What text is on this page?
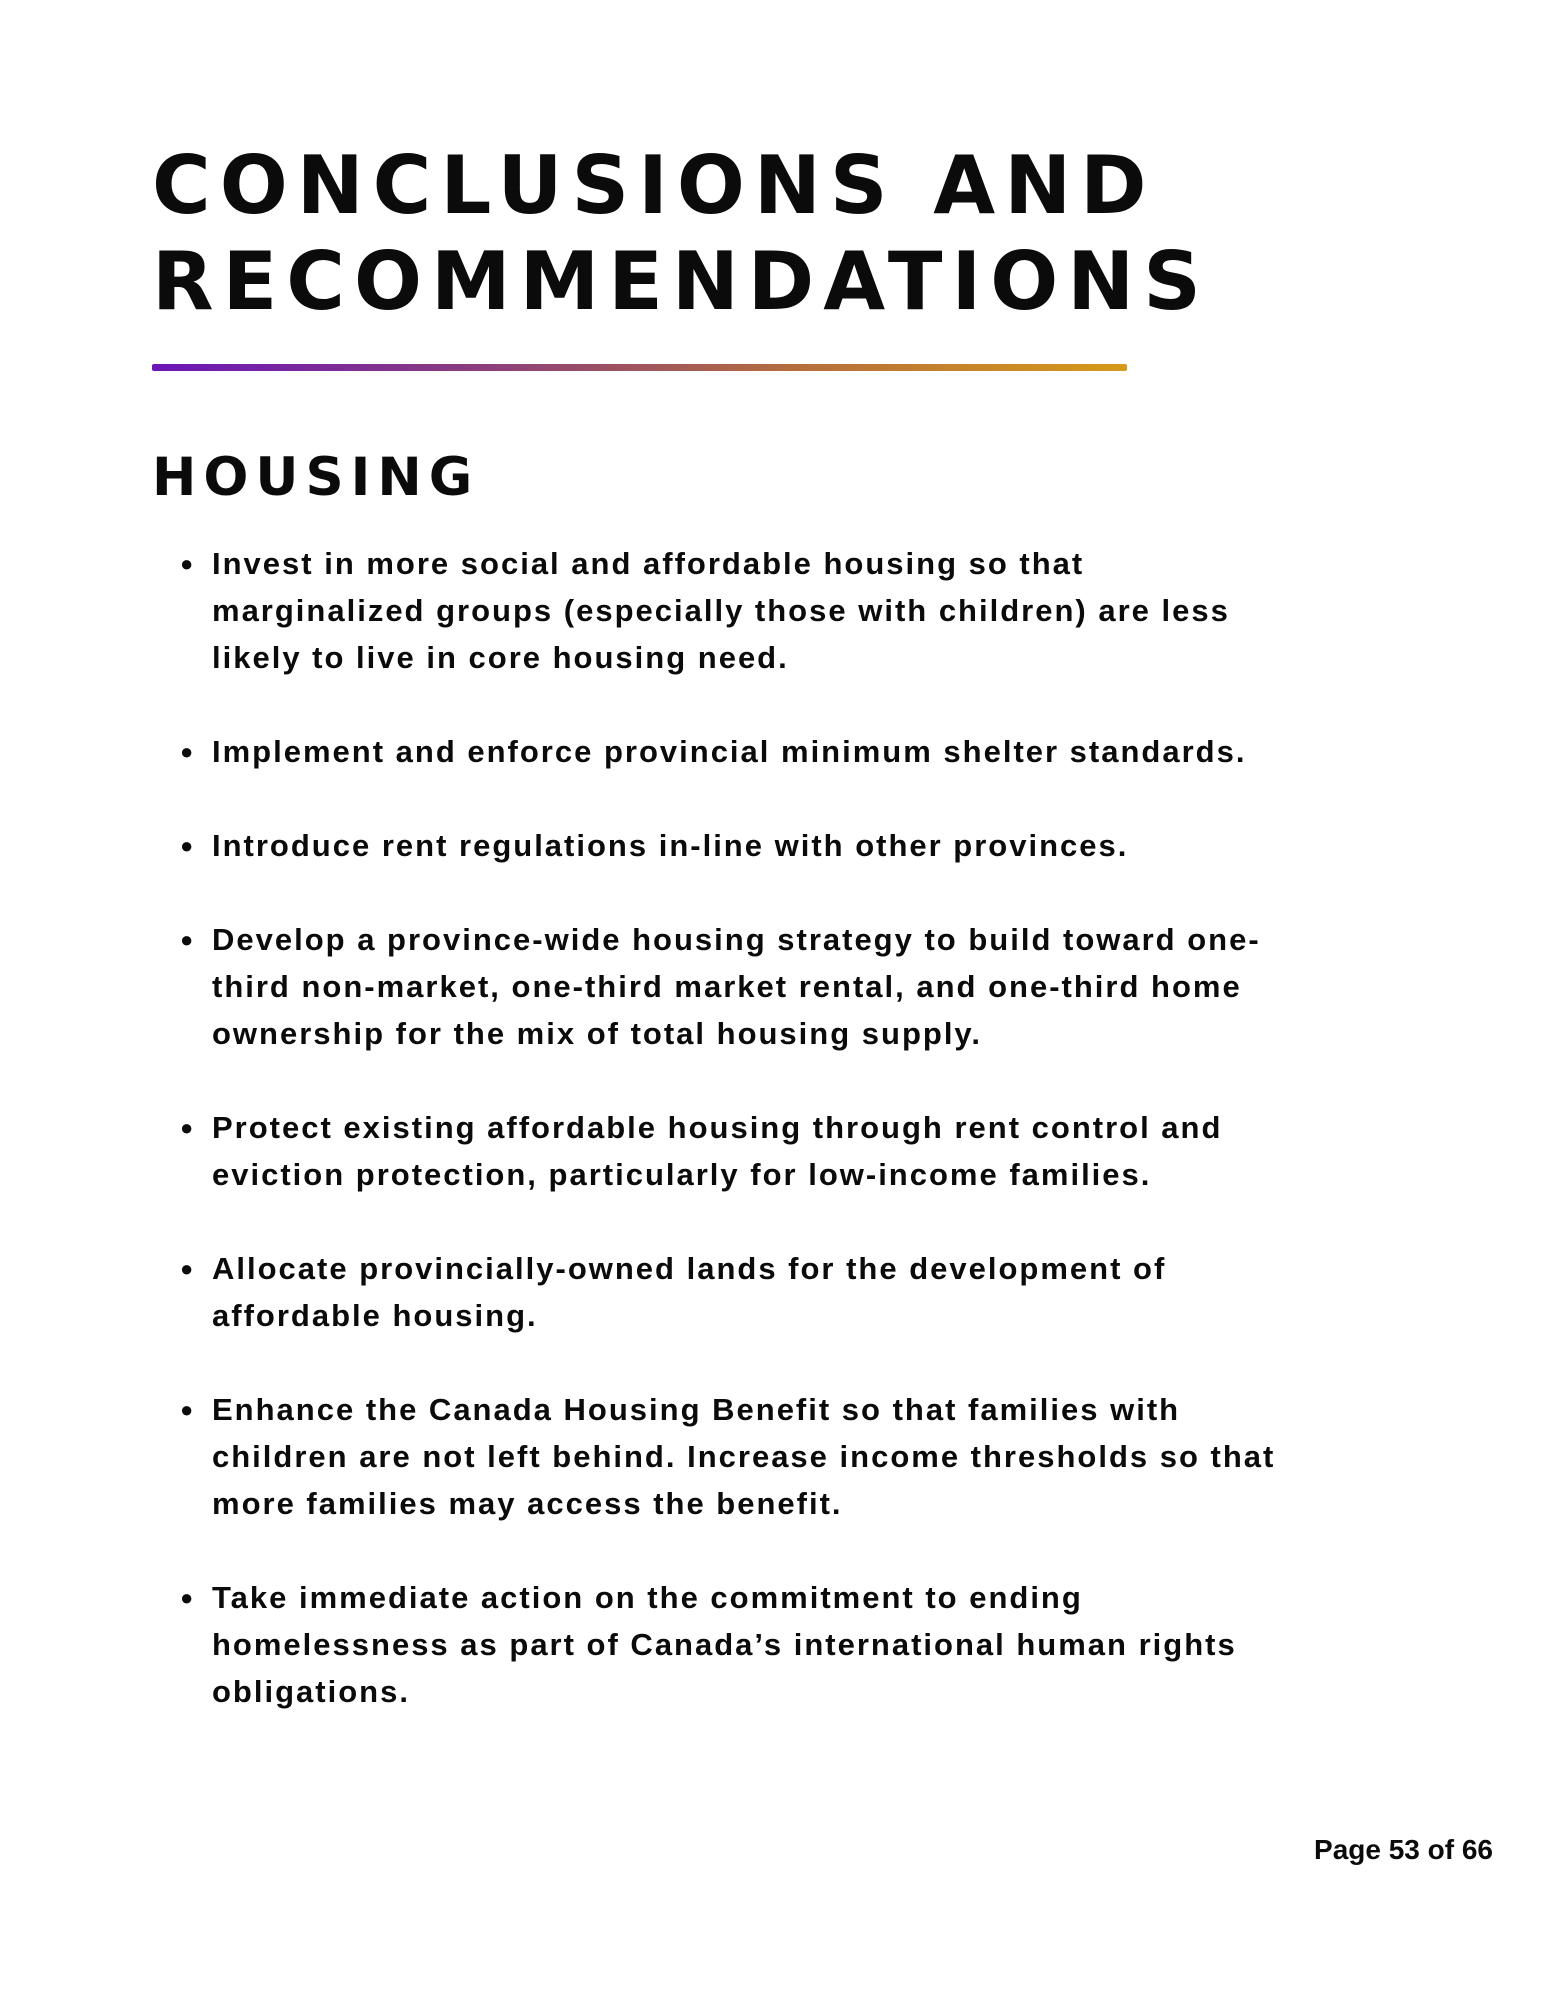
CONCLUSIONS AND
RECOMMENDATIONS
HOUSING
● Invest in more social and affordable housing so that
marginalized groups (especially those with children) are less
likely to live in core housing need.
● Implement and enforce provincial minimum shelter standards.
● Introduce rent regulations in-line with other provinces.
● Develop a province-wide housing strategy to build toward one-
third non-market, one-third market rental, and one-third home
ownership for the mix of total housing supply.
● Protect existing affordable housing through rent control and
eviction protection, particularly for low-income families.
● Allocate provincially-owned lands for the development of
affordable housing.
● Enhance the Canada Housing Benefit so that families with
children are not left behind. Increase income thresholds so that
more families may access the benefit.
● Take immediate action on the commitment to ending
homelessness as part of Canada’s international human rights
obligations.
Page 53 of 66
